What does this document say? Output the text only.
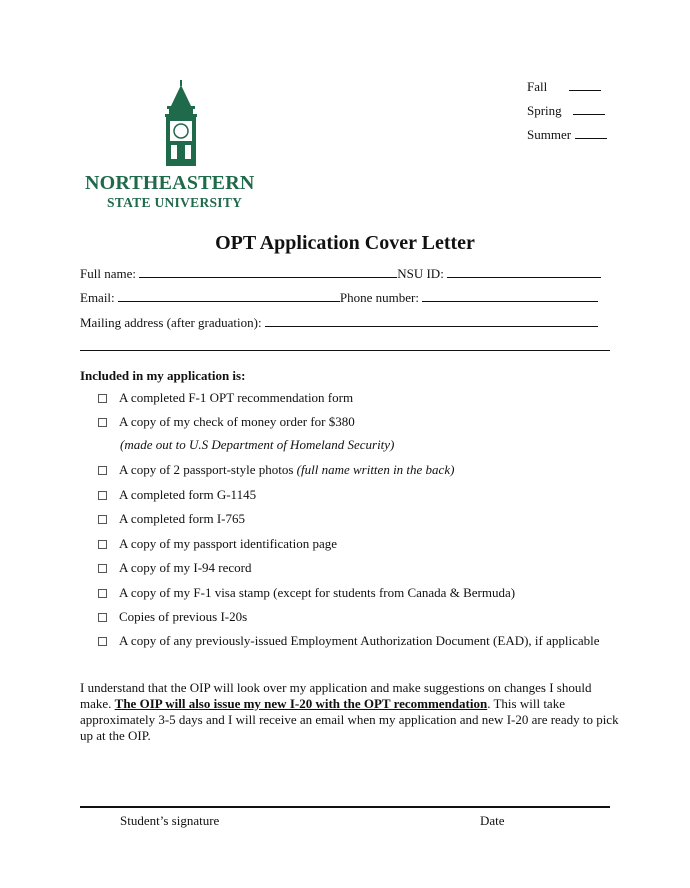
NORTHEASTERN
STATE UNIVERSITY
Fall
Spring
Summer
OPT Application Cover Letter
Full name:	NSU ID:
Email:	Phone number:
Mailing address (after graduation):
Included in my application is:
A completed F-1 OPT recommendation form
A copy of my check of money order for $380
(made out to U.S Department of Homeland Security)
A copy of 2 passport-style photos (full name written in the back)
A completed form G-1145
A completed form I-765
A copy of my passport identification page
A copy of my I-94 record
A copy of my F-1 visa stamp (except for students from Canada & Bermuda)
Copies of previous I-20s
A copy of any previously-issued Employment Authorization Document (EAD), if applicable
I understand that the OIP will look over my application and make suggestions on changes I should make. The OIP will also issue my new I-20 with the OPT recommendation. This will take approximately 3-5 days and I will receive an email when my application and new I-20 are ready to pick up at the OIP.
Student’s signature	Date
